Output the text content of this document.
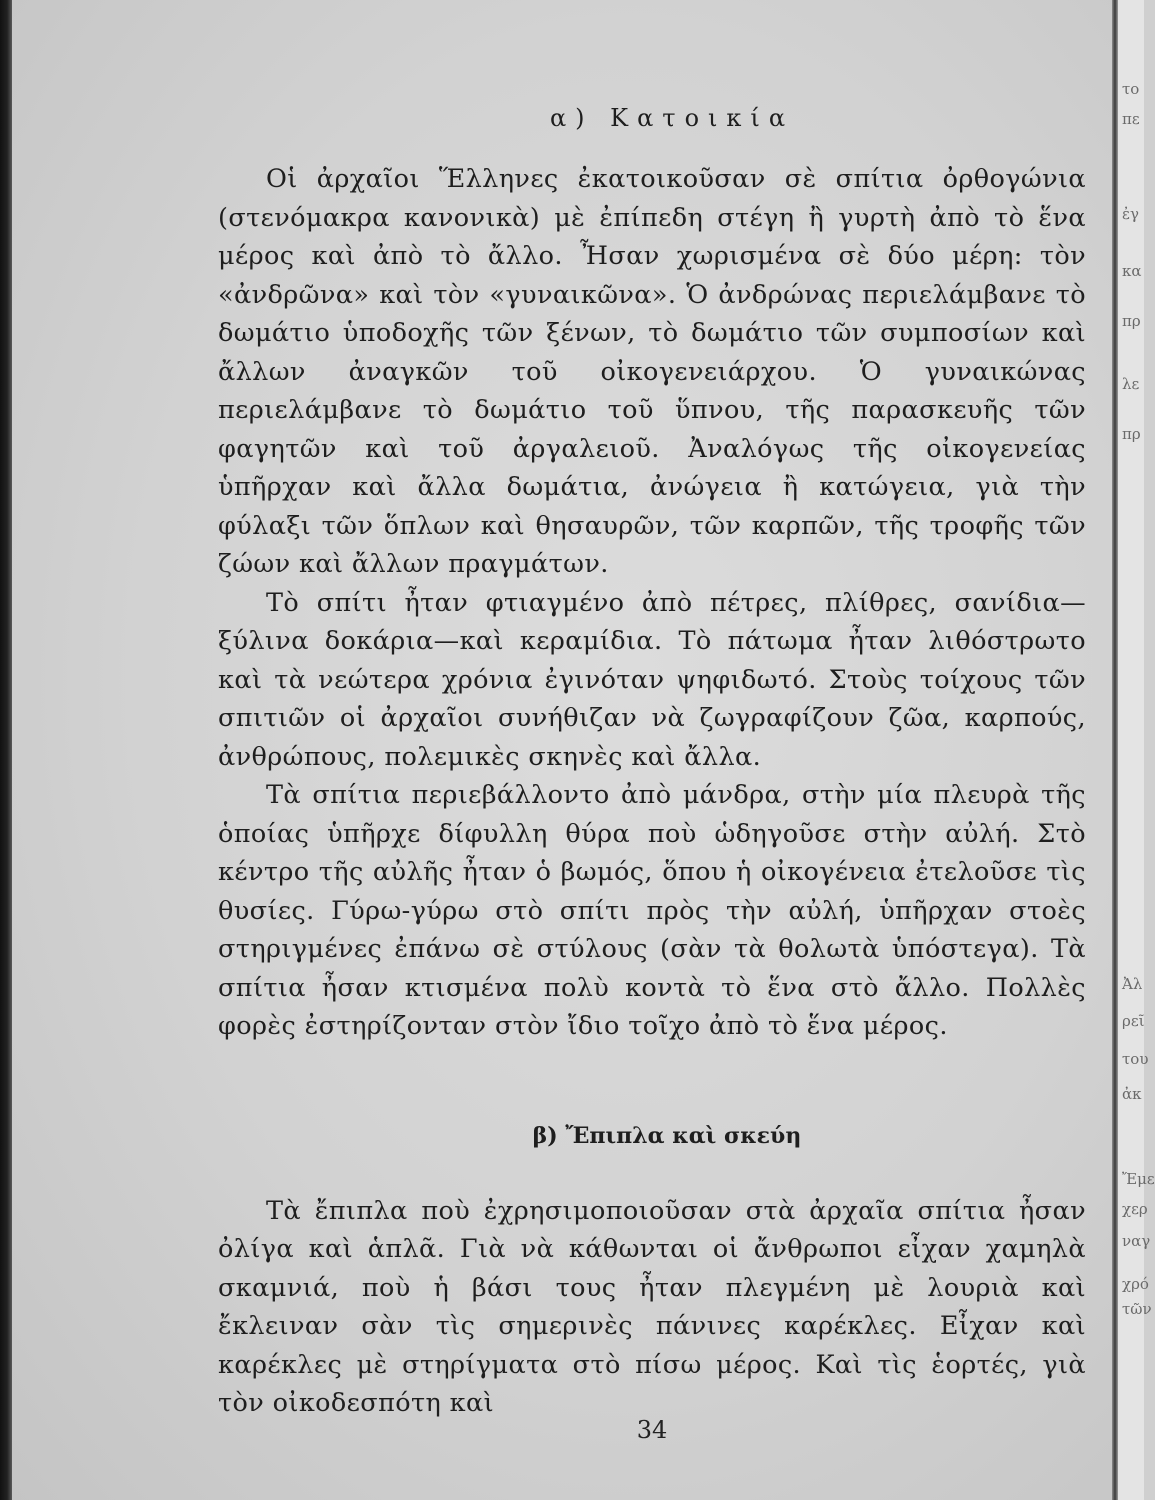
το
πε
ἐγ
κα
πρ
λε
πρ
Ἀλ
ρεῖ
του
ἀκ
Ἔμε
χερ
ναγ
χρό
τῶν
α) Κατοικία

Οἱ ἀρχαῖοι Ἕλληνες ἐκατοικοῦσαν σὲ σπίτια ὀρθογώνια (στενόμακρα κανονικὰ) μὲ ἐπίπεδη στέγη ἢ γυρτὴ ἀπὸ τὸ ἕνα μέρος καὶ ἀπὸ τὸ ἄλλο. Ἦσαν χωρισμένα σὲ δύο μέρη: τὸν «ἀνδρῶνα» καὶ τὸν «γυναικῶνα». Ὁ ἀνδρώνας περιελάμβανε τὸ δωμάτιο ὑποδοχῆς τῶν ξένων, τὸ δωμάτιο τῶν συμποσίων καὶ ἄλλων ἀναγκῶν τοῦ οἰκογενειάρχου. Ὁ γυναικώνας περιελάμβανε τὸ δωμάτιο τοῦ ὕπνου, τῆς παρασκευῆς τῶν φαγητῶν καὶ τοῦ ἀργαλειοῦ. Ἀναλόγως τῆς οἰκογενείας ὑπῆρχαν καὶ ἄλλα δωμάτια, ἀνώγεια ἢ κατώγεια, γιὰ τὴν φύλαξι τῶν ὅπλων καὶ θησαυρῶν, τῶν καρπῶν, τῆς τροφῆς τῶν ζώων καὶ ἄλλων πραγμάτων.

Τὸ σπίτι ἦταν φτιαγμένο ἀπὸ πέτρες, πλίθρες, σανίδια—ξύλινα δοκάρια—καὶ κεραμίδια. Τὸ πάτωμα ἦταν λιθόστρωτο καὶ τὰ νεώτερα χρόνια ἐγινόταν ψηφιδωτό. Στοὺς τοίχους τῶν σπιτιῶν οἱ ἀρχαῖοι συνήθιζαν νὰ ζωγραφίζουν ζῶα, καρπούς, ἀνθρώπους, πολεμικὲς σκηνὲς καὶ ἄλλα.

Τὰ σπίτια περιεβάλλοντο ἀπὸ μάνδρα, στὴν μία πλευρὰ τῆς ὁποίας ὑπῆρχε δίφυλλη θύρα ποὺ ὡδηγοῦσε στὴν αὐλή. Στὸ κέντρο τῆς αὐλῆς ἦταν ὁ βωμός, ὅπου ἡ οἰκογένεια ἐτελοῦσε τὶς θυσίες. Γύρω-γύρω στὸ σπίτι πρὸς τὴν αὐλή, ὑπῆρχαν στοὲς στηριγμένες ἐπάνω σὲ στύλους (σὰν τὰ θολωτὰ ὑπόστεγα). Τὰ σπίτια ἦσαν κτισμένα πολὺ κοντὰ τὸ ἕνα στὸ ἄλλο. Πολλὲς φορὲς ἐστηρίζονταν στὸν ἴδιο τοῖχο ἀπὸ τὸ ἕνα μέρος.

β) Ἔπιπλα καὶ σκεύη

Τὰ ἔπιπλα ποὺ ἐχρησιμοποιοῦσαν στὰ ἀρχαῖα σπίτια ἦσαν ὀλίγα καὶ ἁπλᾶ. Γιὰ νὰ κάθωνται οἱ ἄνθρωποι εἶχαν χαμηλὰ σκαμνιά, ποὺ ἡ βάσι τους ἦταν πλεγμένη μὲ λουριὰ καὶ ἔκλειναν σὰν τὶς σημερινὲς πάνινες καρέκλες. Εἶχαν καὶ καρέκλες μὲ στηρίγματα στὸ πίσω μέρος. Καὶ τὶς ἑορτές, γιὰ τὸν οἰκοδεσπότη καὶ

34
